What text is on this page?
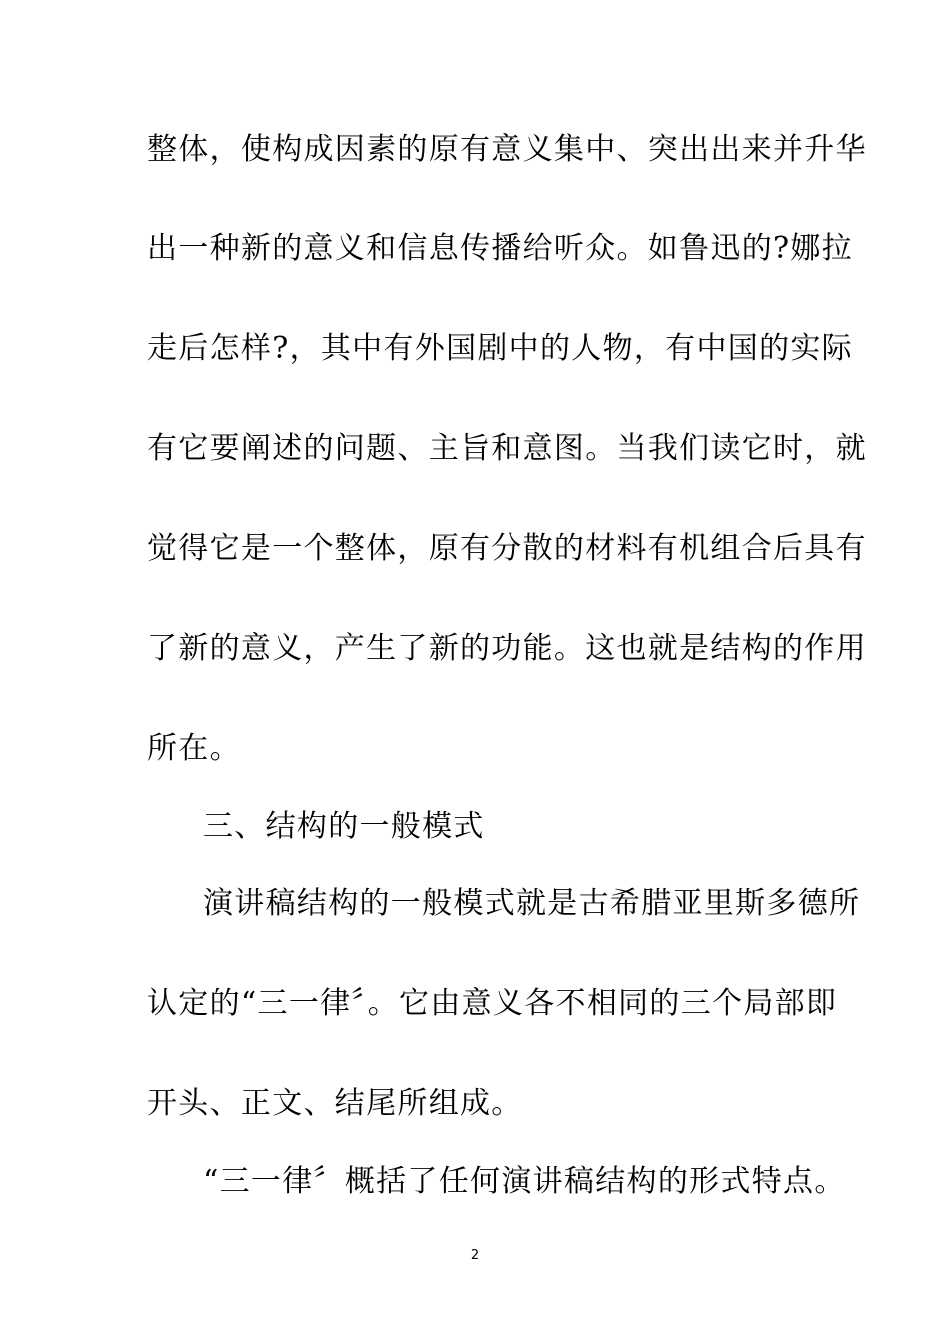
整体，使构成因素的原有意义集中、突出出来并升华
出一种新的意义和信息传播给听众。如鲁迅的?娜拉
走后怎样?，其中有外国剧中的人物，有中国的实际
有它要阐述的问题、主旨和意图。当我们读它时，就
觉得它是一个整体，原有分散的材料有机组合后具有
了新的意义，产生了新的功能。这也就是结构的作用
所在。
三、结构的一般模式
演讲稿结构的一般模式就是古希腊亚里斯多德所
认定的“三一律〞。它由意义各不相同的三个局部即
开头、正文、结尾所组成。
“三一律〞概括了任何演讲稿结构的形式特点。
2
